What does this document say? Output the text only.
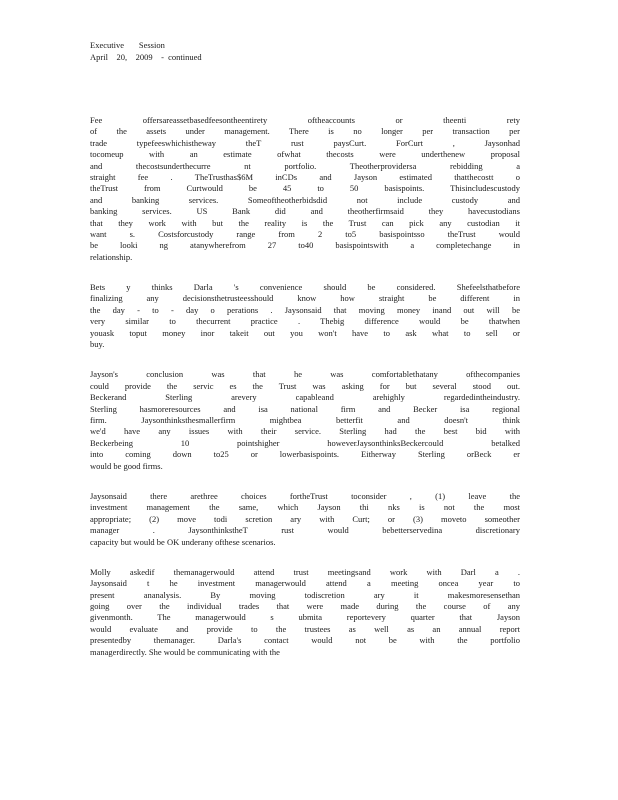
Executive       Session
April    20,    2009    -  continued
Fee offersareassetbasedfeesontheentirety oftheaccounts or theenti rety
of the assets under management. There is no longer per transaction per
trade typefeeswhichistheway theT rust paysCurt. ForCurt , Jaysonhad
tocomeup with an estimate ofwhat thecosts were underthenew proposal
and thecostsunderthecurre nt portfolio. Theotherprovidersa rebidding a
straight fee . TheTrusthas$6M inCDs and Jayson estimated thatthecostt o
theTrust from Curtwould be 45 to 50 basispoints. Thisincludescustody
and banking services. Someoftheotherbidsdid not include custody and
banking services. US Bank did and theotherfirmsaid they havecustodians
that they work with but the reality is the Trust can pick any custodian it
want s. Costsforcustody range from 2 to5 basispointsso theTrust would
be looki ng atanywherefrom 27 to40 basispointswith a completechange in
relationship.
Bets y thinks Darla 's convenience should be considered. Shefeelsthatbefore
finalizing any decisionsthetrusteesshould know how straight be different in
the day - to - day o perations . Jaysonsaid that moving money inand out will be
very similar to thecurrent practice . Thebig difference would be thatwhen
youask toput money inor takeit out you won't have to ask what to sell or
buy.
Jayson's conclusion was that he was comfortablethatany ofthecompanies
could provide the servic es the Trust was asking for but several stood out.
Beckerand Sterling arevery capableand arehighly regardedintheindustry.
Sterling hasmoreresources and isa national firm and Becker isa regional
firm. Jaysonthinksthesmallerfirm mightbea betterfit and doesn't think
we'd have any issues with their service. Sterling had the best bid with
Beckerbeing 10 pointshigher howeverJaysonthinksBeckercould betalked
into coming down to25 or lowerbasispoints. Eitherway Sterling orBeck er
would be good firms.
Jaysonsaid there arethree choices fortheTrust toconsider , (1) leave the
investment management the same, which Jayson thi nks is not the most
appropriate; (2) move todi scretion ary with Curt; or (3) moveto someother
manager . JaysonthinkstheT rust would bebetterservedina discretionary
capacity but would be OK underany ofthese scenarios.
Molly askedif themanagerwould attend trust meetingsand work with Darl a .
Jaysonsaid t he investment managerwould attend a meeting oncea year to
present ananalysis. By moving todiscretion ary it makesmoresensethan
going over the individual trades that were made during the course of any
givenmonth. The managerwould s ubmita reportevery quarter that Jayson
would evaluate and provide to the trustees as well as an annual report
presentedby themanager. Darla's contact would not be with the portfolio
managerdirectly. She would be communicating with the
